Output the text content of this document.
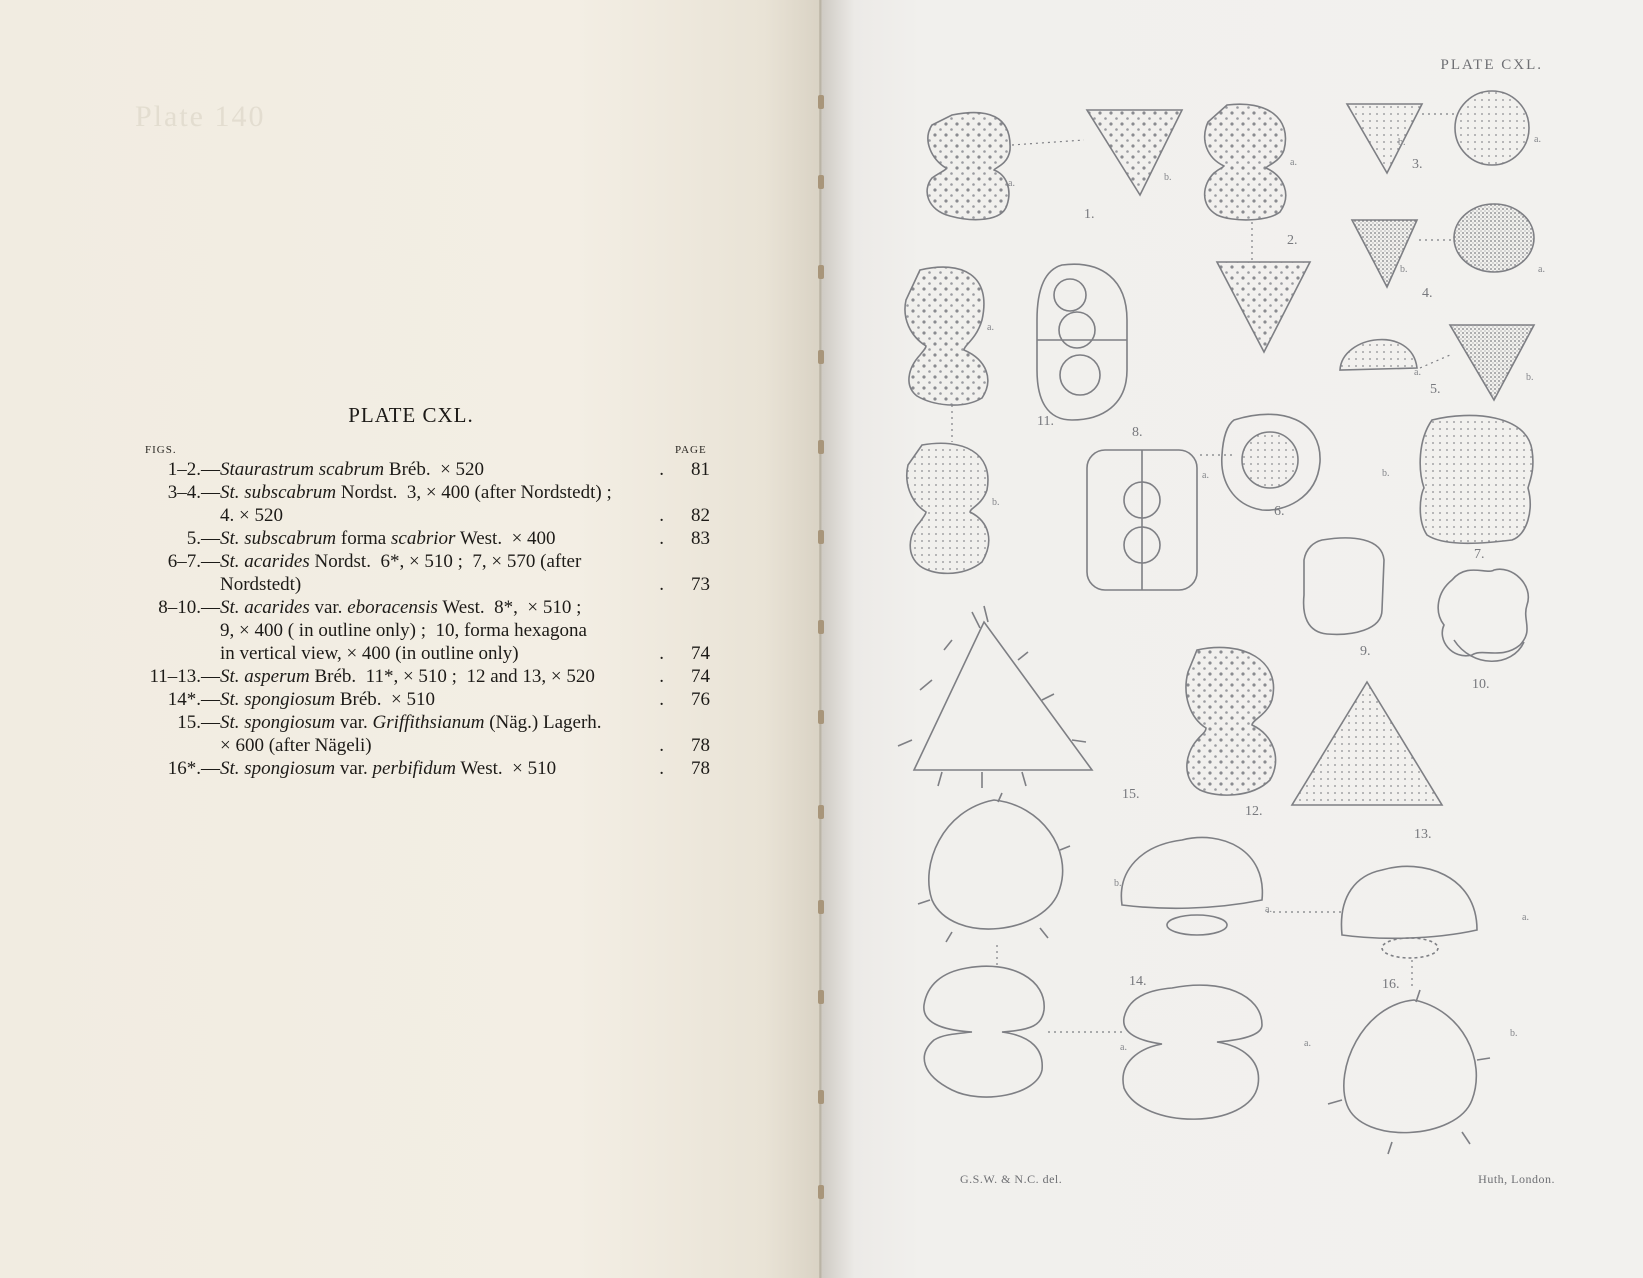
Plate 140
PLATE CXL.
FIGS.	PAGE
1–2.—Staurastrum scabrum Bréb.  × 520	81
.
3–4.—St. subscabrum Nordst.  3, × 400 (after Nordstedt) ;
4. × 520	82
.
5.—St. subscabrum forma scabrior West.  × 400	83
.
6–7.—St. acarides Nordst.  6*, × 510 ;  7, × 570 (after
Nordstedt)	73
.
8–10.—St. acarides var. eboracensis West.  8*,  × 510 ;
9, × 400 ( in outline only) ;  10, forma hexagona
in vertical view, × 400 (in outline only)	74
.
11–13.—St. asperum Bréb.  11*, × 510 ;  12 and 13, × 520	74
.
14*.—St. spongiosum Bréb.  × 510	76
.
15.—St. spongiosum var. Griffithsianum (Näg.) Lagerh.
× 600 (after Nägeli)	78
.
16*.—St. spongiosum var. perbifidum West.  × 510	78
.
PLATE CXL.
1.
2.
3.
4.
5.
6.
7.
8.
9.
10.
11.
12.
13.
14.
15.
16.
a.
b.
a.
b.	a.
b.	a.
a.	b.
a.
b.
a.	b.
b.
a.
a.
a.
a.
b.
G.S.W. & N.C. del.	Huth, London.
